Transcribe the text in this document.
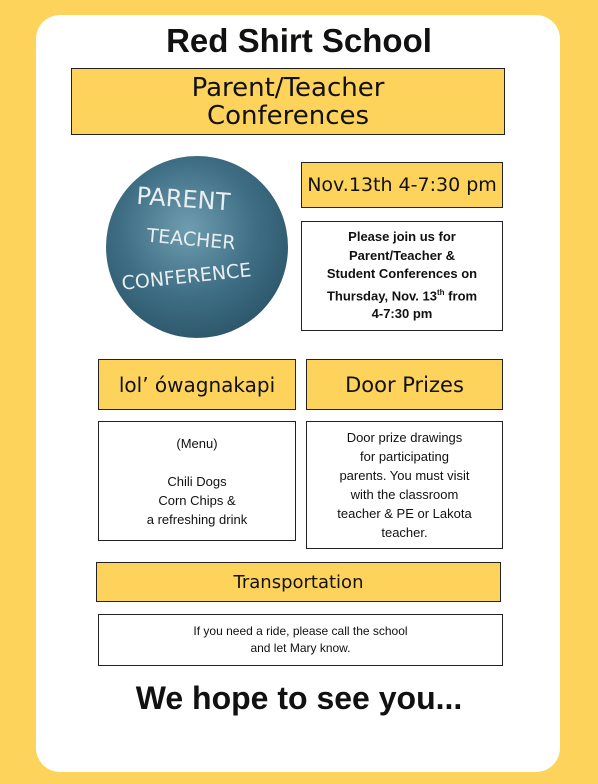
Red Shirt School
Parent/Teacher
Conferences
PARENT
TEACHER
CONFERENCE
Nov.13th 4-7:30 pm
Please join us for
Parent/Teacher &
Student Conferences on
Thursday, Nov. 13th from
4-7:30 pm
lol’ ówagnakapi	Door Prizes
(Menu)

Chili Dogs
Corn Chips &
a refreshing drink
Door prize drawings
for participating
parents. You must visit
with the classroom
teacher & PE or Lakota
teacher.
Transportation
If you need a ride, please call the school
and let Mary know.
We hope to see you...
